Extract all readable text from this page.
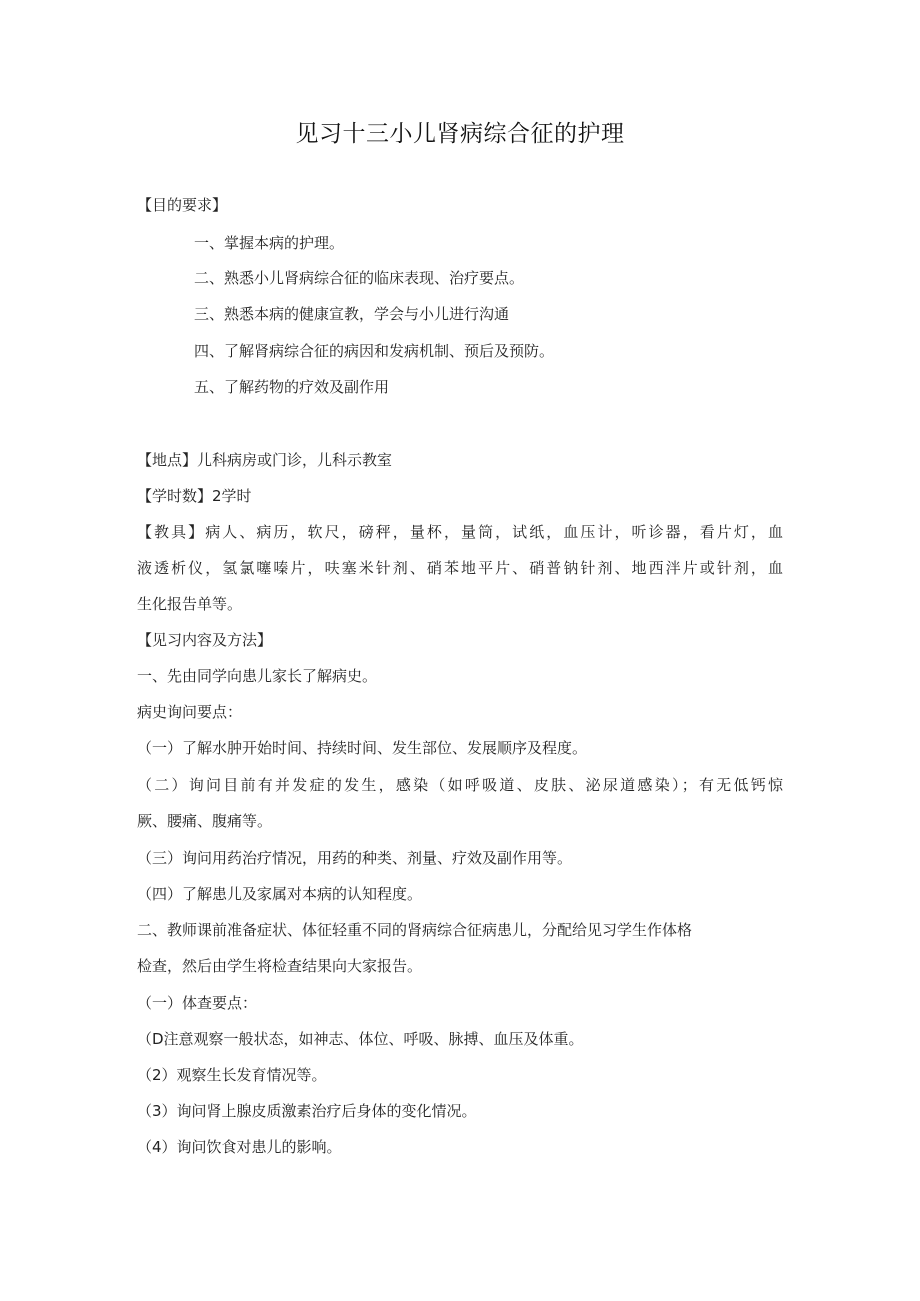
见习十三小儿肾病综合征的护理
【目的要求】
一、掌握本病的护理。
二、熟悉小儿肾病综合征的临床表现、治疗要点。
三、熟悉本病的健康宣教，学会与小儿进行沟通
四、了解肾病综合征的病因和发病机制、预后及预防。
五、了解药物的疗效及副作用
【地点】儿科病房或门诊，儿科示教室
【学时数】2学时
【教具】病人、病历，软尺，磅秤，量杯，量筒，试纸，血压计，听诊器，看片灯，血
液透析仪，氢氯噻嗪片，呋塞米针剂、硝苯地平片、硝普钠针剂、地西泮片或针剂，血
生化报告单等。
【见习内容及方法】
一、先由同学向患儿家长了解病史。
病史询问要点：
（一）了解水肿开始时间、持续时间、发生部位、发展顺序及程度。
（二）询问目前有并发症的发生，感染（如呼吸道、皮肤、泌尿道感染）；有无低钙惊
厥、腰痛、腹痛等。
（三）询问用药治疗情况，用药的种类、剂量、疗效及副作用等。
（四）了解患儿及家属对本病的认知程度。
二、教师课前准备症状、体征轻重不同的肾病综合征病患儿，分配给见习学生作体格
检查，然后由学生将检查结果向大家报告。
（一）体查要点：
（D注意观察一般状态，如神志、体位、呼吸、脉搏、血压及体重。
（2）观察生长发育情况等。
（3）询问肾上腺皮质激素治疗后身体的变化情况。
（4）询问饮食对患儿的影响。
